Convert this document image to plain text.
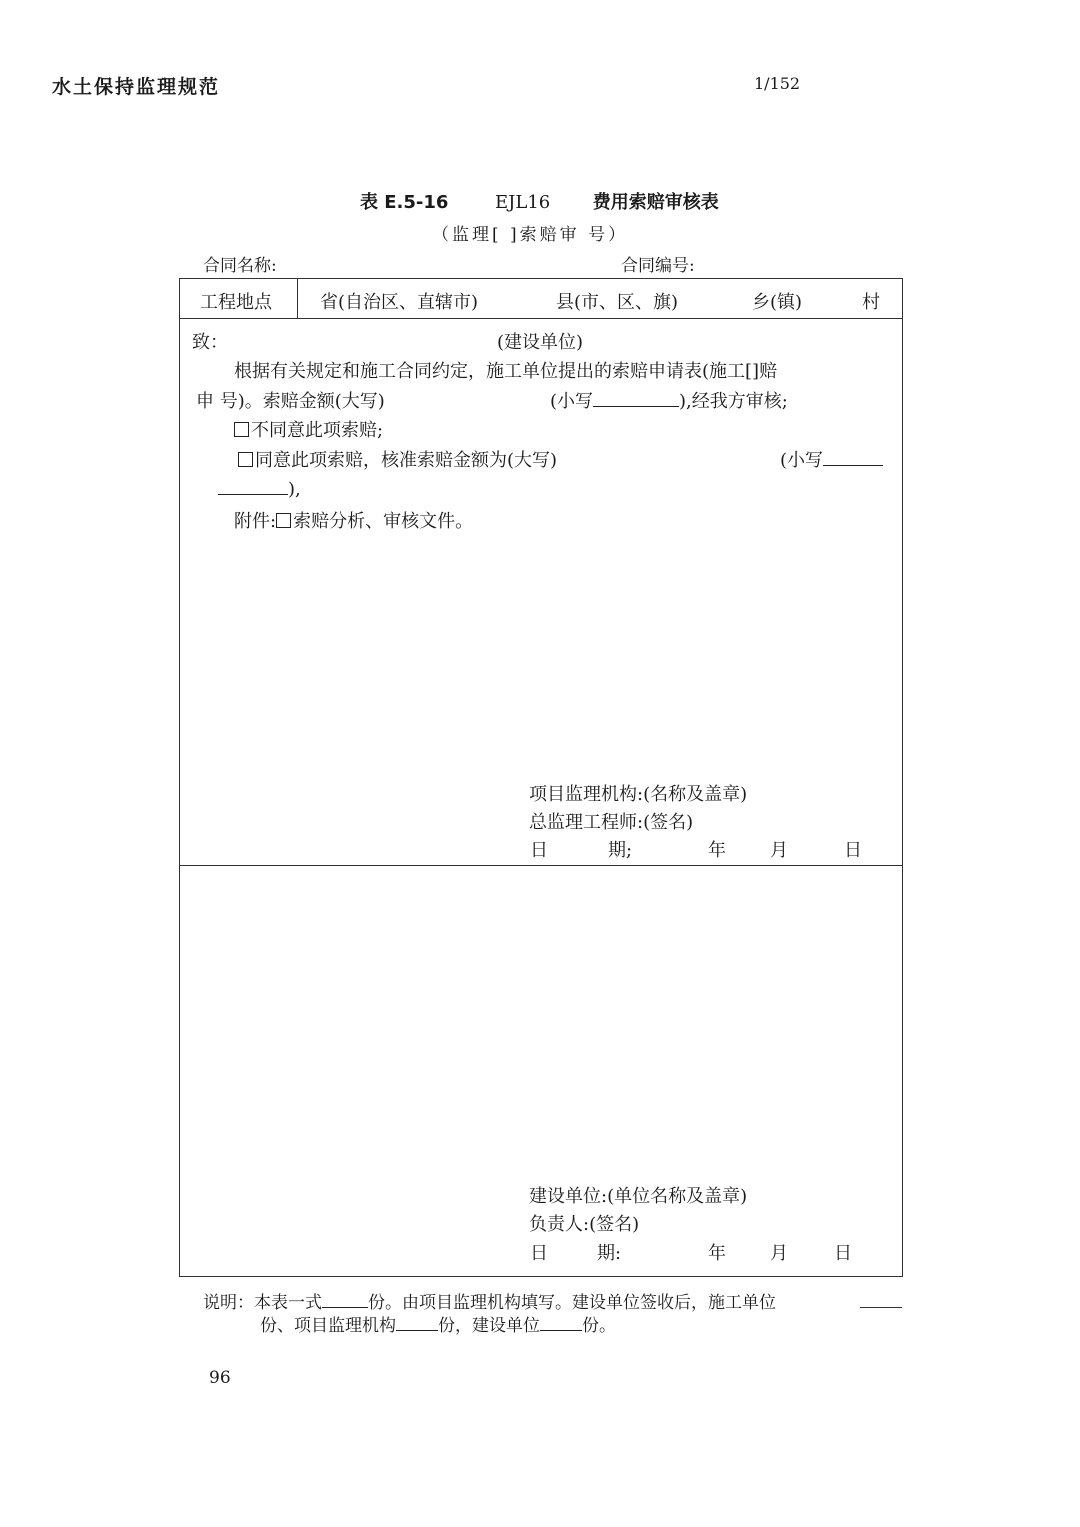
水土保持监理规范	1/152
表 E.5-16	EJL16 费用索赔审核表
（监理[ ]索赔审 号）
合同名称:	合同编号:
工程地点	省(自治区、直辖市)	县(市、区、旗)	乡(镇)	村
致：	(建设单位)
根据有关规定和施工合同约定，施工单位提出的索赔申请表(施工[]赔
申 号)。索赔金额(大写)	(小写	),经我方审核;
不同意此项索赔;
同意此项索赔，核准索赔金额为(大写)	(小写
),
附件: 索赔分析、审核文件。
项目监理机构:(名称及盖章)
总监理工程师:(签名)
日	期;	年 月	日
建设单位:(单位名称及盖章)
负责人:(签名)
日	期:	年 月	日
说明：本表一式	份。由项目监理机构填写。建设单位签收后，施工单位
份、项目监理机构 份，建设单位 份。
96
